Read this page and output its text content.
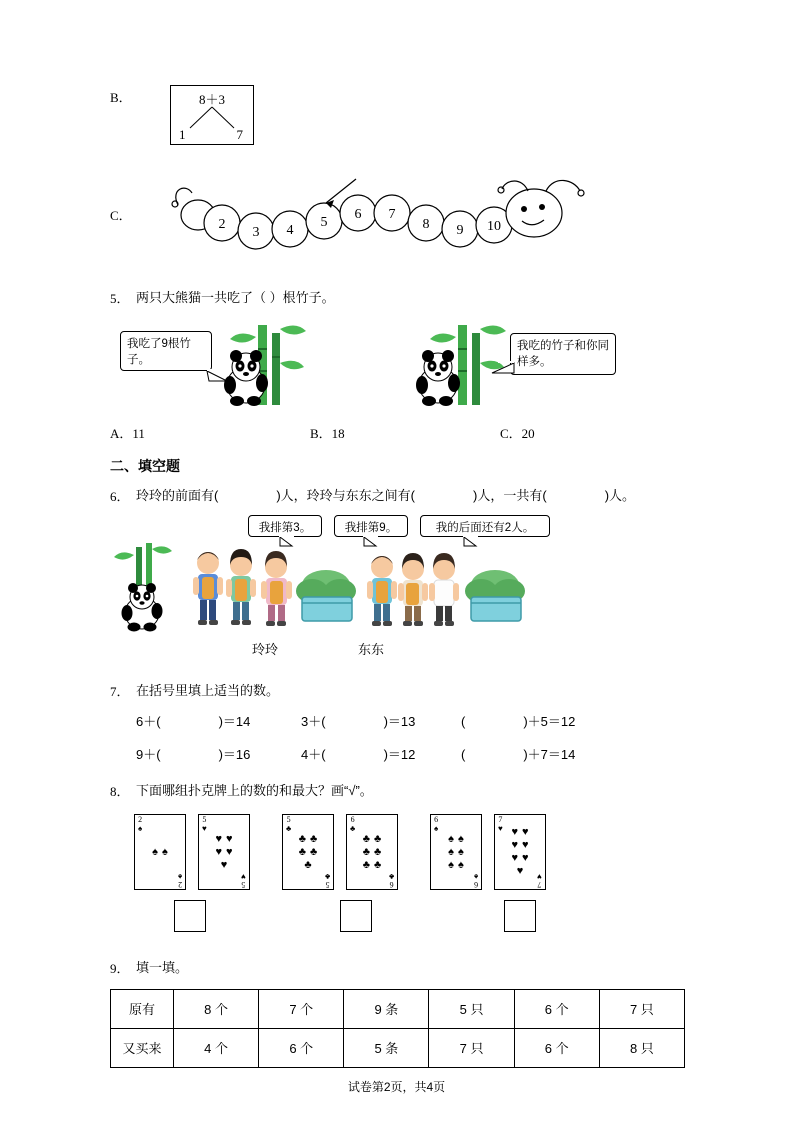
B．	8＋3
1	7
C．
2
3 4
5
6 7
8 9 10
5． 两只大熊猫一共吃了（ ）根竹子。
我吃了9根竹子。
我吃的竹子和你同样多。
A．11	B．18	C．20
二、填空题
6． 玲玲的前面有(	)人，玲玲与东东之间有(	)人，一共有(	)人。
我排第3。	我排第9。	我的后面还有2人。
玲玲	东东
7． 在括号里填上适当的数。
6＋(	)＝14	3＋(	)＝13	(	)＋5＝12
9＋(	)＝16	4＋(	)＝12	(	)＋7＝14
8． 下面哪组扑克牌上的数的和最大？画“√”。
2
♠
♠ ♠
2
♠
5
♥
♥ ♥
♥ ♥
♥
5
♥
5
♣
♣ ♣
♣ ♣
♣
5
♣
6
♣
♣ ♣
♣ ♣
♣ ♣
6
♣
6
♠
♠ ♠
♠ ♠
♠ ♠
6
♠
7
♥ ♥ ♥
♥ ♥
♥ ♥
♥
7
♥
9． 填一填。
原有	8 个	7 个	9 条	5 只	6 个	7 只
又买来	4 个	6 个	5 条	7 只	6 个	8 只
试卷第2页，共4页
